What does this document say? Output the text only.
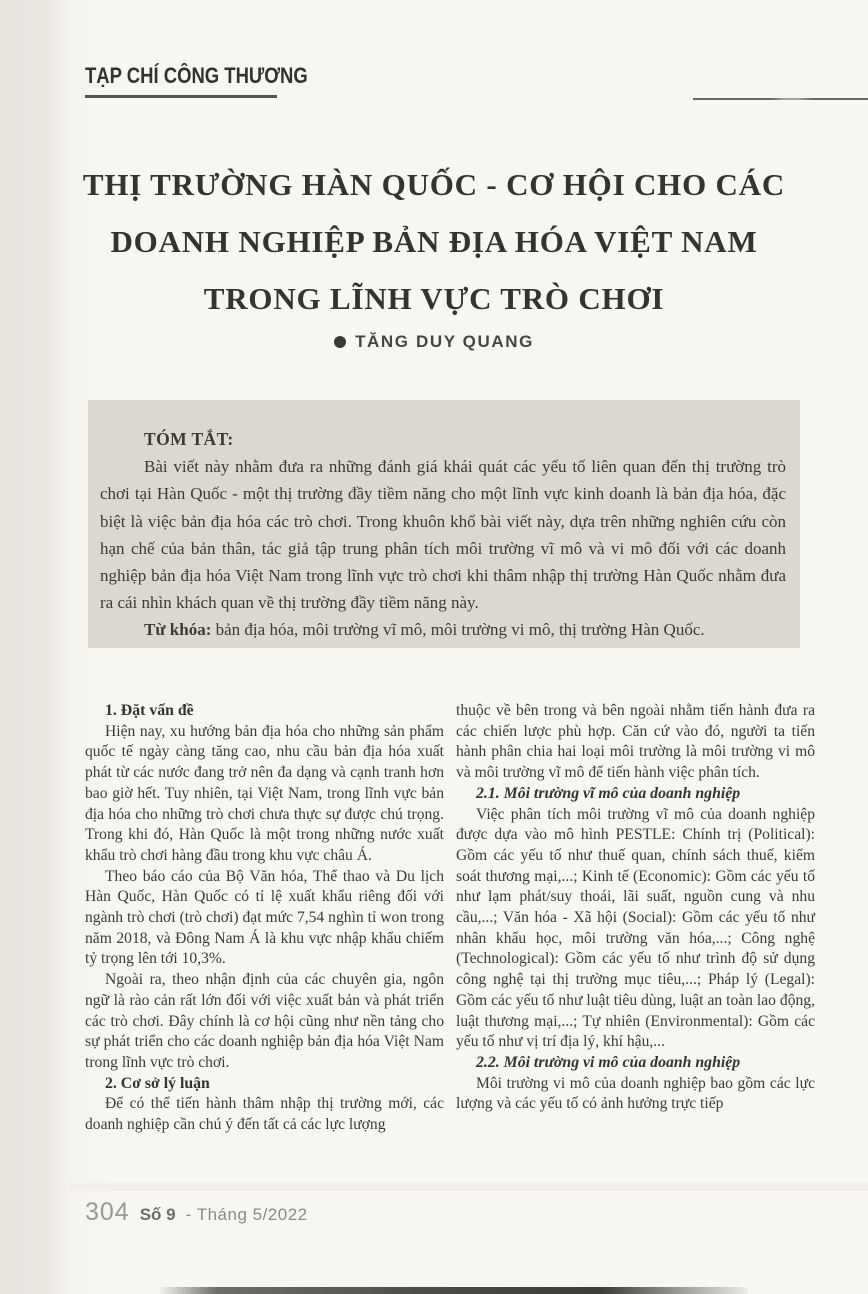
TẠP CHÍ CÔNG THƯƠNG
THỊ TRƯỜNG HÀN QUỐC - CƠ HỘI CHO CÁC
DOANH NGHIỆP BẢN ĐỊA HÓA VIỆT NAM
TRONG LĨNH VỰC TRÒ CHƠI
TĂNG DUY QUANG
TÓM TẮT:
Bài viết này nhằm đưa ra những đánh giá khái quát các yếu tố liên quan đến thị trường trò chơi tại Hàn Quốc - một thị trường đầy tiềm năng cho một lĩnh vực kinh doanh là bản địa hóa, đặc biệt là việc bản địa hóa các trò chơi. Trong khuôn khổ bài viết này, dựa trên những nghiên cứu còn hạn chế của bản thân, tác giả tập trung phân tích môi trường vĩ mô và vi mô đối với các doanh nghiệp bản địa hóa Việt Nam trong lĩnh vực trò chơi khi thâm nhập thị trường Hàn Quốc nhằm đưa ra cái nhìn khách quan về thị trường đầy tiềm năng này.
Từ khóa: bản địa hóa, môi trường vĩ mô, môi trường vi mô, thị trường Hàn Quốc.
1. Đặt vấn đề

Hiện nay, xu hướng bản địa hóa cho những sản phẩm quốc tế ngày càng tăng cao, nhu cầu bản địa hóa xuất phát từ các nước đang trở nên đa dạng và cạnh tranh hơn bao giờ hết. Tuy nhiên, tại Việt Nam, trong lĩnh vực bản địa hóa cho những trò chơi chưa thực sự được chú trọng. Trong khi đó, Hàn Quốc là một trong những nước xuất khẩu trò chơi hàng đầu trong khu vực châu Á.

Theo báo cáo của Bộ Văn hóa, Thể thao và Du lịch Hàn Quốc, Hàn Quốc có tỉ lệ xuất khẩu riêng đối với ngành trò chơi (trò chơi) đạt mức 7,54 nghìn tỉ won trong năm 2018, và Đông Nam Á là khu vực nhập khẩu chiếm tỷ trọng lên tới 10,3%.

Ngoài ra, theo nhận định của các chuyên gia, ngôn ngữ là rào cản rất lớn đối với việc xuất bản và phát triển các trò chơi. Đây chính là cơ hội cũng như nền tảng cho sự phát triển cho các doanh nghiệp bản địa hóa Việt Nam trong lĩnh vực trò chơi.

2. Cơ sở lý luận

Để có thể tiến hành thâm nhập thị trường mới, các doanh nghiệp cần chú ý đến tất cả các lực lượng

thuộc về bên trong và bên ngoài nhằm tiến hành đưa ra các chiến lược phù hợp. Căn cứ vào đó, người ta tiến hành phân chia hai loại môi trường là môi trường vi mô và môi trường vĩ mô để tiến hành việc phân tích.

2.1. Môi trường vĩ mô của doanh nghiệp

Việc phân tích môi trường vĩ mô của doanh nghiệp được dựa vào mô hình PESTLE: Chính trị (Political): Gồm các yếu tố như thuế quan, chính sách thuế, kiểm soát thương mại,...; Kinh tế (Economic): Gồm các yếu tố như lạm phát/suy thoái, lãi suất, nguồn cung và nhu cầu,...; Văn hóa - Xã hội (Social): Gồm các yếu tố như nhân khẩu học, môi trường văn hóa,...; Công nghệ (Technological): Gồm các yếu tố như trình độ sử dụng công nghệ tại thị trường mục tiêu,...; Pháp lý (Legal): Gồm các yếu tố như luật tiêu dùng, luật an toàn lao động, luật thương mại,...; Tự nhiên (Environmental): Gồm các yếu tố như vị trí địa lý, khí hậu,...

2.2. Môi trường vi mô của doanh nghiệp

Môi trường vi mô của doanh nghiệp bao gồm các lực lượng và các yếu tố có ảnh hưởng trực tiếp

304 Số 9 - Tháng 5/2022
